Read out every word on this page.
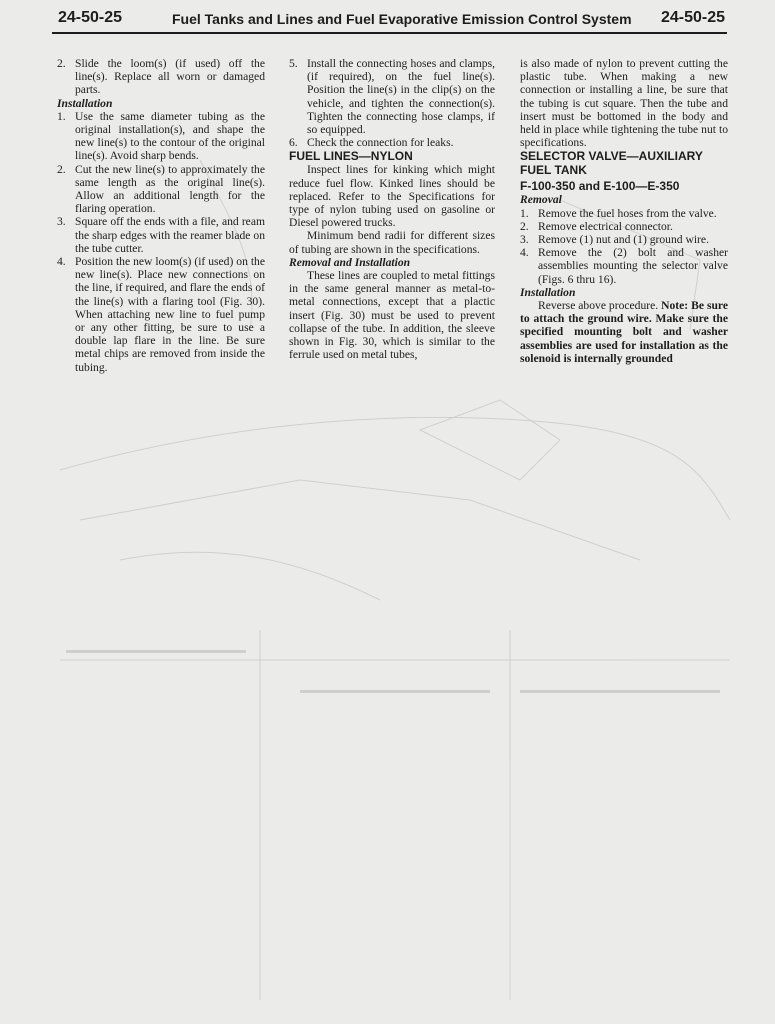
24-50-25	Fuel Tanks and Lines and Fuel Evaporative Emission Control System 24-50-25
2. Slide the loom(s) (if used) off the line(s). Replace all worn or damaged parts.

Installation

1. Use the same diameter tubing as the original installation(s), and shape the new line(s) to the contour of the original line(s). Avoid sharp bends.
2. Cut the new line(s) to approximately the same length as the original line(s). Allow an additional length for the flaring operation.
3. Square off the ends with a file, and ream the sharp edges with the reamer blade on the tube cutter.
4. Position the new loom(s) (if used) on the new line(s). Place new connections on the line, if required, and flare the ends of the line(s) with a flaring tool (Fig. 30). When attaching new line to fuel pump or any other fitting, be sure to use a double lap flare in the line. Be sure metal chips are removed from inside the tubing.
5. Install the connecting hoses and clamps, (if required), on the fuel line(s). Position the line(s) in the clip(s) on the vehicle, and tighten the connection(s). Tighten the connecting hose clamps, if so equipped.
6. Check the connection for leaks.

FUEL LINES—NYLON

Inspect lines for kinking which might reduce fuel flow. Kinked lines should be replaced. Refer to the Specifications for type of nylon tubing used on gasoline or Diesel powered trucks.

Minimum bend radii for different sizes of tubing are shown in the specifications.

Removal and Installation

These lines are coupled to metal fittings in the same general manner as metal-to-metal connections, except that a plactic insert (Fig. 30) must be used to prevent collapse of the tube. In addition, the sleeve shown in Fig. 30, which is similar to the ferrule used on metal tubes,

is also made of nylon to prevent cutting the plastic tube. When making a new connection or installing a line, be sure that the tubing is cut square. Then the tube and insert must be bottomed in the body and held in place while tightening the tube nut to specifications.

SELECTOR VALVE—AUXILIARY FUEL TANK

F-100-350 and E-100—E-350

Removal

1. Remove the fuel hoses from the valve.
2. Remove electrical connector.
3. Remove (1) nut and (1) ground wire.
4. Remove the (2) bolt and washer assemblies mounting the selector valve (Figs. 6 thru 16).

Installation

Reverse above procedure. Note: Be sure to attach the ground wire. Make sure the specified mounting bolt and washer assemblies are used for installation as the solenoid is internally grounded
